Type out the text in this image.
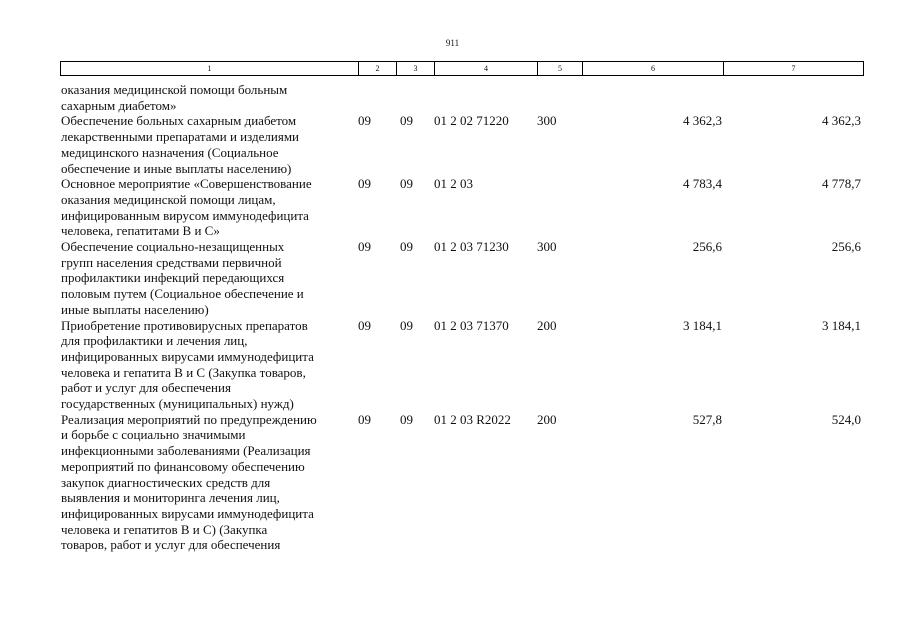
911
1	2	3	4	5	6	7
оказания медицинской помощи больным
сахарным диабетом»
Обеспечение больных сахарным диабетом
лекарственными препаратами и изделиями
медицинского назначения (Социальное
обеспечение и иные выплаты населению)
09 09 01 2 02 71220 300	4 362,3	4 362,3
Основное мероприятие «Совершенствование
оказания медицинской помощи лицам,
инфицированным вирусом иммунодефицита
человека, гепатитами В и С»
09 09 01 2 03	4 783,4	4 778,7
Обеспечение социально-незащищенных
групп населения средствами первичной
профилактики инфекций передающихся
половым путем (Социальное обеспечение и
иные выплаты населению)
09 09 01 2 03 71230 300	256,6	256,6
Приобретение противовирусных препаратов
для профилактики и лечения лиц,
инфицированных вирусами иммунодефицита
человека и гепатита В и С (Закупка товаров,
работ и услуг для обеспечения
государственных (муниципальных) нужд)
09 09 01 2 03 71370 200	3 184,1	3 184,1
Реализация мероприятий по предупреждению
и борьбе с социально значимыми
инфекционными заболеваниями (Реализация
мероприятий по финансовому обеспечению
закупок диагностических средств для
выявления и мониторинга лечения лиц,
инфицированных вирусами иммунодефицита
человека и гепатитов В и С) (Закупка
товаров, работ и услуг для обеспечения
09 09 01 2 03 R2022 200	527,8	524,0
